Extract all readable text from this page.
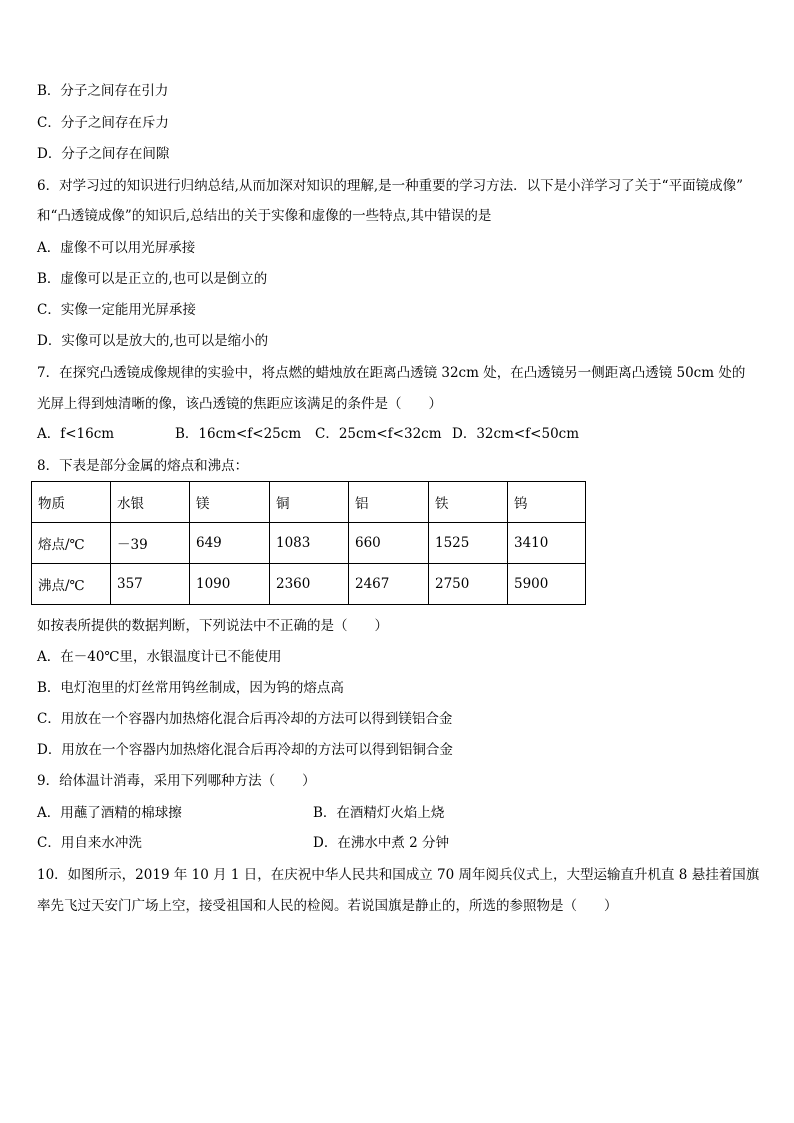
B．分子之间存在引力
C．分子之间存在斥力
D．分子之间存在间隙
6．对学习过的知识进行归纳总结,从而加深对知识的理解,是一种重要的学习方法．以下是小洋学习了关于“平面镜成像”
和“凸透镜成像”的知识后,总结出的关于实像和虚像的一些特点,其中错误的是
A．虚像不可以用光屏承接
B．虚像可以是正立的,也可以是倒立的
C．实像一定能用光屏承接
D．实像可以是放大的,也可以是缩小的
7．在探究凸透镜成像规律的实验中，将点燃的蜡烛放在距离凸透镜 32cm 处，在凸透镜另一侧距离凸透镜 50cm 处的
光屏上得到烛清晰的像，该凸透镜的焦距应该满足的条件是（　　）
A．f<16cm	B．16cm<f<25cm C．25cm<f<32cm D．32cm<f<50cm
8．下表是部分金属的熔点和沸点：
物质	水银	镁	铜	铝	铁	钨
熔点/℃	－39	649	1083	660	1525	3410
沸点/℃	357	1090	2360	2467	2750	5900
如按表所提供的数据判断，下列说法中不正确的是（　　）
A．在－40℃里，水银温度计已不能使用
B．电灯泡里的灯丝常用钨丝制成，因为钨的熔点高
C．用放在一个容器内加热熔化混合后再冷却的方法可以得到镁铝合金
D．用放在一个容器内加热熔化混合后再冷却的方法可以得到铝铜合金
9．给体温计消毒，采用下列哪种方法（　　）
A．用蘸了酒精的棉球擦	B．在酒精灯火焰上烧
C．用自来水冲洗	D．在沸水中煮 2 分钟
10．如图所示，2019 年 10 月 1 日，在庆祝中华人民共和国成立 70 周年阅兵仪式上，大型运输直升机直 8 悬挂着国旗
率先飞过天安门广场上空，接受祖国和人民的检阅。若说国旗是静止的，所选的参照物是（　　）
